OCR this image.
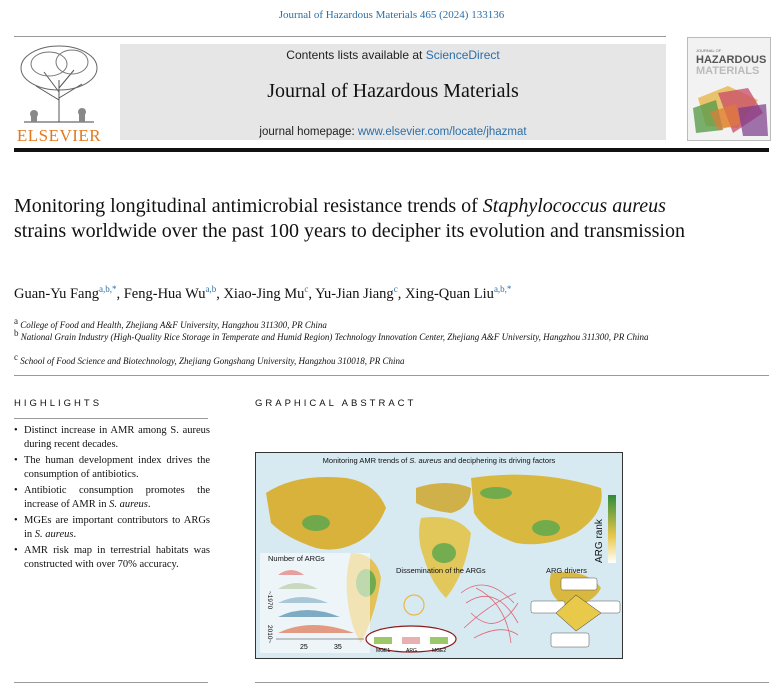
Journal of Hazardous Materials 465 (2024) 133136
ELSEVIER
Contents lists available at ScienceDirect
Journal of Hazardous Materials
journal homepage: www.elsevier.com/locate/jhazmat
JOURNAL OF
HAZARDOUS
MATERIALS
Monitoring longitudinal antimicrobial resistance trends of Staphylococcus aureus strains worldwide over the past 100 years to decipher its evolution and transmission
Guan-Yu Fang$^{a,b,*}$, Feng-Hua Wu$^{a,b}$, Xiao-Jing Mu$^c$, Yu-Jian Jiang$^c$, Xing-Quan Liu$^{a,b,*}$
$^a$ College of Food and Health, Zhejiang A&F University, Hangzhou 311300, PR China
$^b$ National Grain Industry (High-Quality Rice Storage in Temperate and Humid Region) Technology Innovation Center, Zhejiang A&F University, Hangzhou 311300, PR China
$^c$ School of Food Science and Biotechnology, Zhejiang Gongshang University, Hangzhou 310018, PR China
HIGHLIGHTS
• Distinct increase in AMR among S. aureus during recent decades.
• The human development index drives the consumption of antibiotics.
• Antibiotic consumption promotes the increase of AMR in S. aureus.
• MGEs are important contributors to ARGs in S. aureus.
• AMR risk map in terrestrial habitats was constructed with over 70% accuracy.
GRAPHICAL ABSTRACT
Monitoring AMR trends of S. aureus and deciphering its driving factors
ARG rank
Number of ARGs
~1970
2010~
25	35
Dissemination of the ARGs
MGE1	ARG	MGE2
ARG drivers
